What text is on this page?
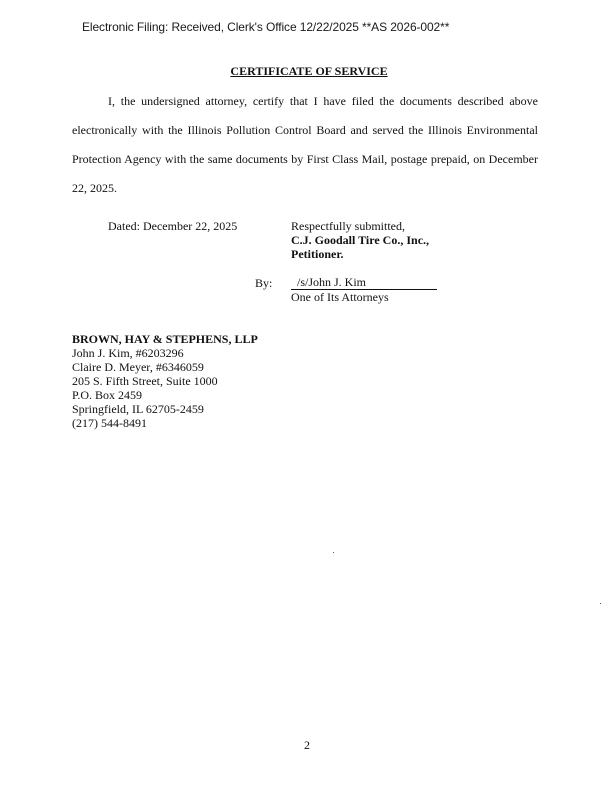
Electronic Filing: Received, Clerk's Office 12/22/2025 **AS 2026-002**
CERTIFICATE OF SERVICE
I, the undersigned attorney, certify that I have filed the documents described above electronically with the Illinois Pollution Control Board and served the Illinois Environmental Protection Agency with the same documents by First Class Mail, postage prepaid, on December 22, 2025.
Dated: December 22, 2025	Respectfully submitted,
C.J. Goodall Tire Co., Inc.,
Petitioner.
By:	/s/John J. Kim
One of Its Attorneys
BROWN, HAY & STEPHENS, LLP
John J. Kim, #6203296
Claire D. Meyer, #6346059
205 S. Fifth Street, Suite 1000
P.O. Box 2459
Springfield, IL 62705-2459
(217) 544-8491
2
